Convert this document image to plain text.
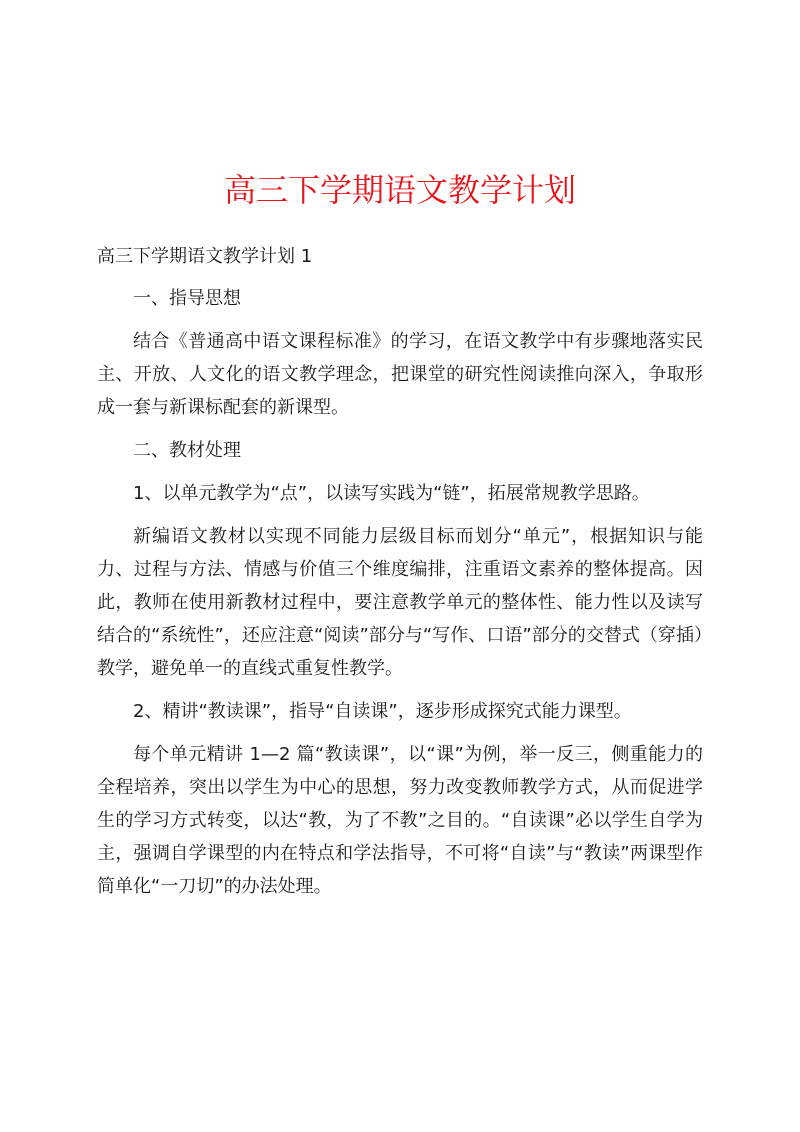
高三下学期语文教学计划

高三下学期语文教学计划 1

一、指导思想

结合《普通高中语文课程标准》的学习，在语文教学中有步骤地落实民主、开放、人文化的语文教学理念，把课堂的研究性阅读推向深入，争取形成一套与新课标配套的新课型。

二、教材处理

1、以单元教学为“点”，以读写实践为“链”，拓展常规教学思路。

新编语文教材以实现不同能力层级目标而划分“单元”，根据知识与能力、过程与方法、情感与价值三个维度编排，注重语文素养的整体提高。因此，教师在使用新教材过程中，要注意教学单元的整体性、能力性以及读写结合的“系统性”，还应注意“阅读”部分与“写作、口语”部分的交替式（穿插）教学，避免单一的直线式重复性教学。

2、精讲“教读课”，指导“自读课”，逐步形成探究式能力课型。

每个单元精讲 1—2 篇“教读课”，以“课”为例，举一反三，侧重能力的全程培养，突出以学生为中心的思想，努力改变教师教学方式，从而促进学生的学习方式转变，以达“教，为了不教”之目的。“自读课”必以学生自学为主，强调自学课型的内在特点和学法指导，不可将“自读”与“教读”两课型作简单化“一刀切”的办法处理。
